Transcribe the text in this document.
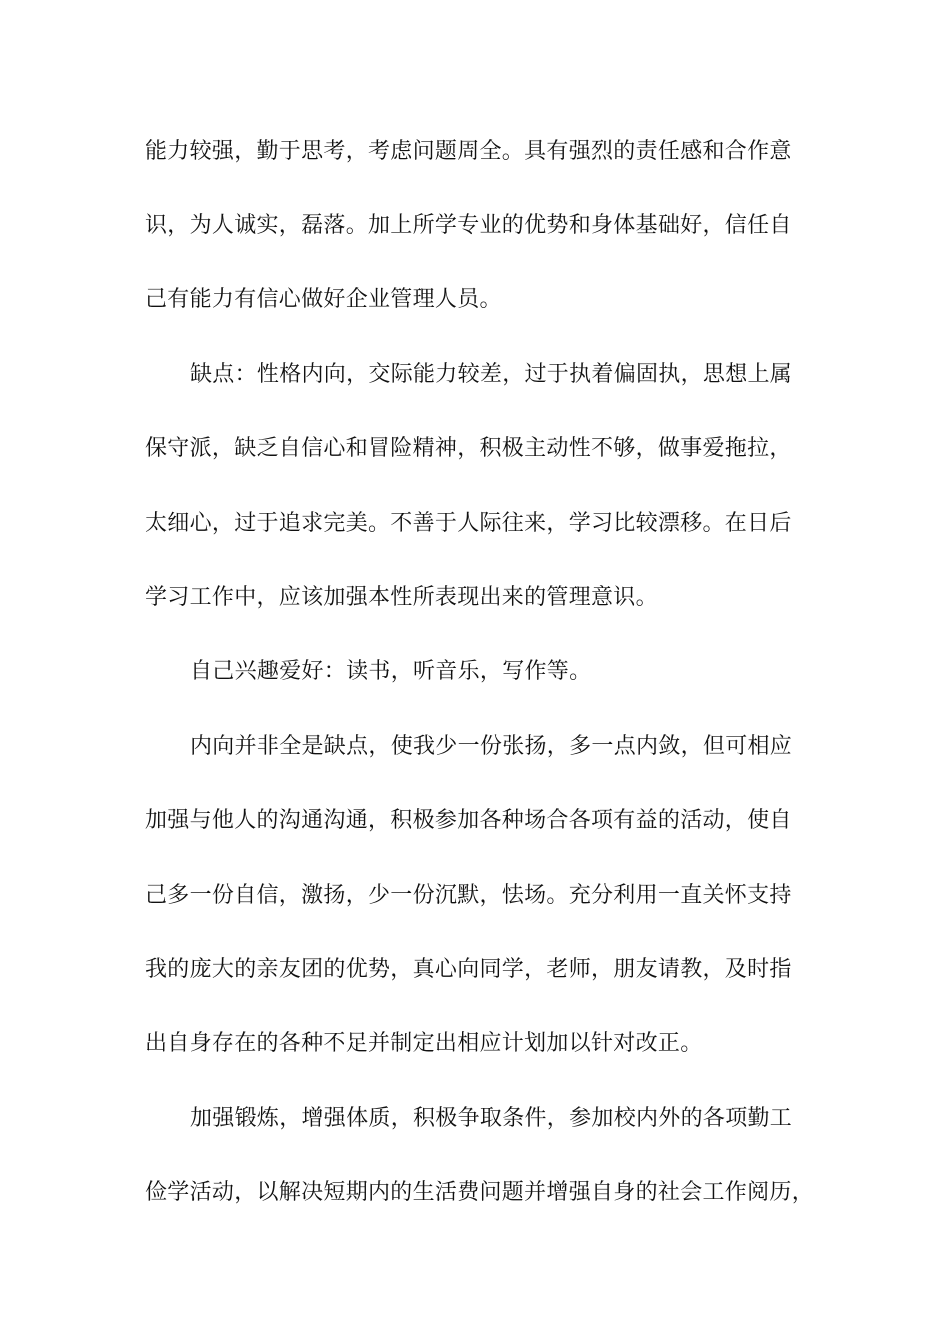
能力较强，勤于思考，考虑问题周全。具有强烈的责任感和合作意
识，为人诚实，磊落。加上所学专业的优势和身体基础好，信任自
己有能力有信心做好企业管理人员。
缺点：性格内向，交际能力较差，过于执着偏固执，思想上属
保守派，缺乏自信心和冒险精神，积极主动性不够，做事爱拖拉，
太细心，过于追求完美。不善于人际往来，学习比较漂移。在日后
学习工作中，应该加强本性所表现出来的管理意识。
自己兴趣爱好：读书，听音乐，写作等。
内向并非全是缺点，使我少一份张扬，多一点内敛，但可相应
加强与他人的沟通沟通，积极参加各种场合各项有益的活动，使自
己多一份自信，激扬，少一份沉默，怯场。充分利用一直关怀支持
我的庞大的亲友团的优势，真心向同学，老师，朋友请教，及时指
出自身存在的各种不足并制定出相应计划加以针对改正。
加强锻炼，增强体质，积极争取条件，参加校内外的各项勤工
俭学活动，以解决短期内的生活费问题并增强自身的社会工作阅历，
